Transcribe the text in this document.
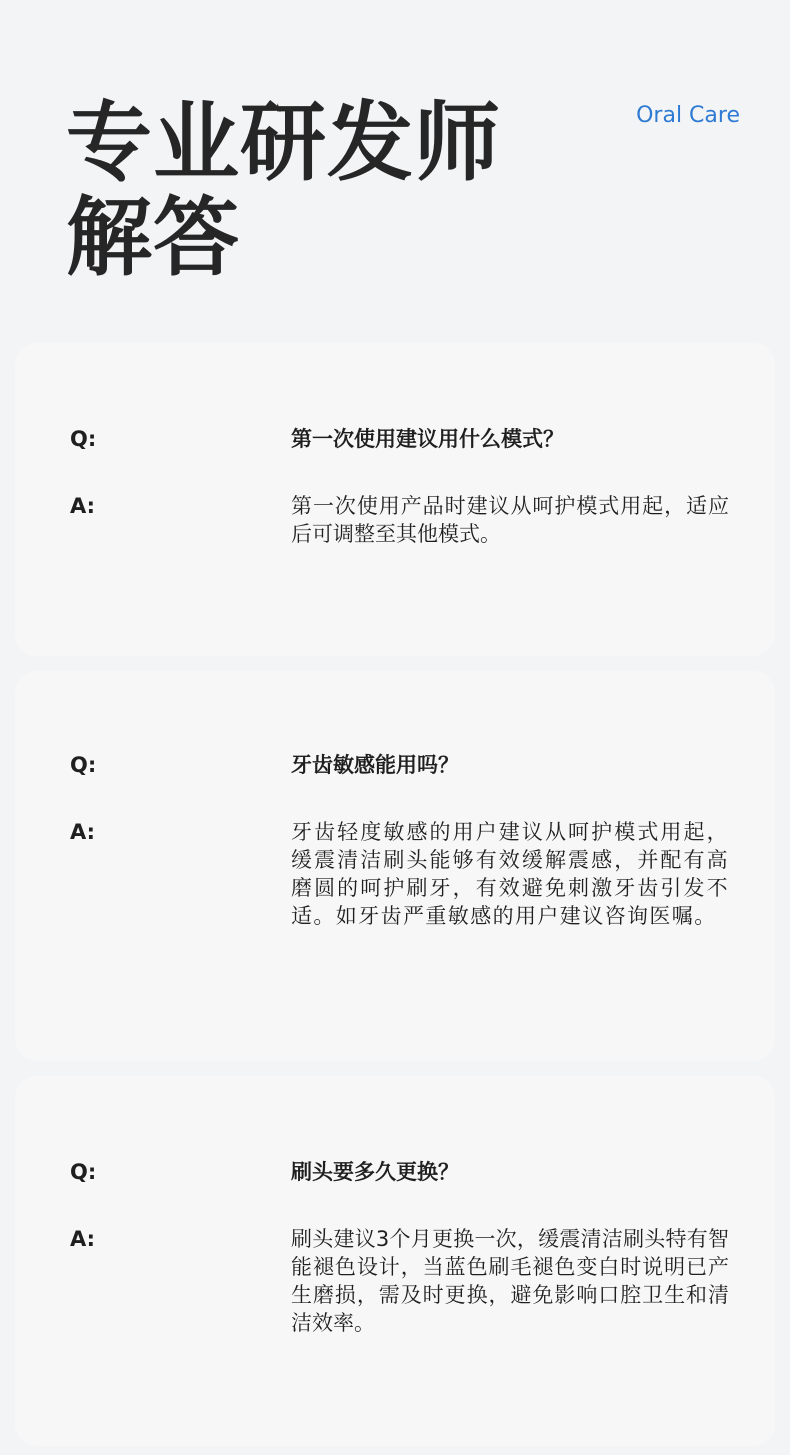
专业研发师
解答
Oral Care
Q:	第一次使用建议用什么模式？
A:	第一次使用产品时建议从呵护模式用起，适应后可调整至其他模式。
Q:	牙齿敏感能用吗？
A:	牙齿轻度敏感的用户建议从呵护模式用起，缓震清洁刷头能够有效缓解震感，并配有高磨圆的呵护刷牙，有效避免刺激牙齿引发不适。如牙齿严重敏感的用户建议咨询医嘱。
Q:	刷头要多久更换？
A:	刷头建议3个月更换一次，缓震清洁刷头特有智能褪色设计，当蓝色刷毛褪色变白时说明已产生磨损，需及时更换，避免影响口腔卫生和清洁效率。
